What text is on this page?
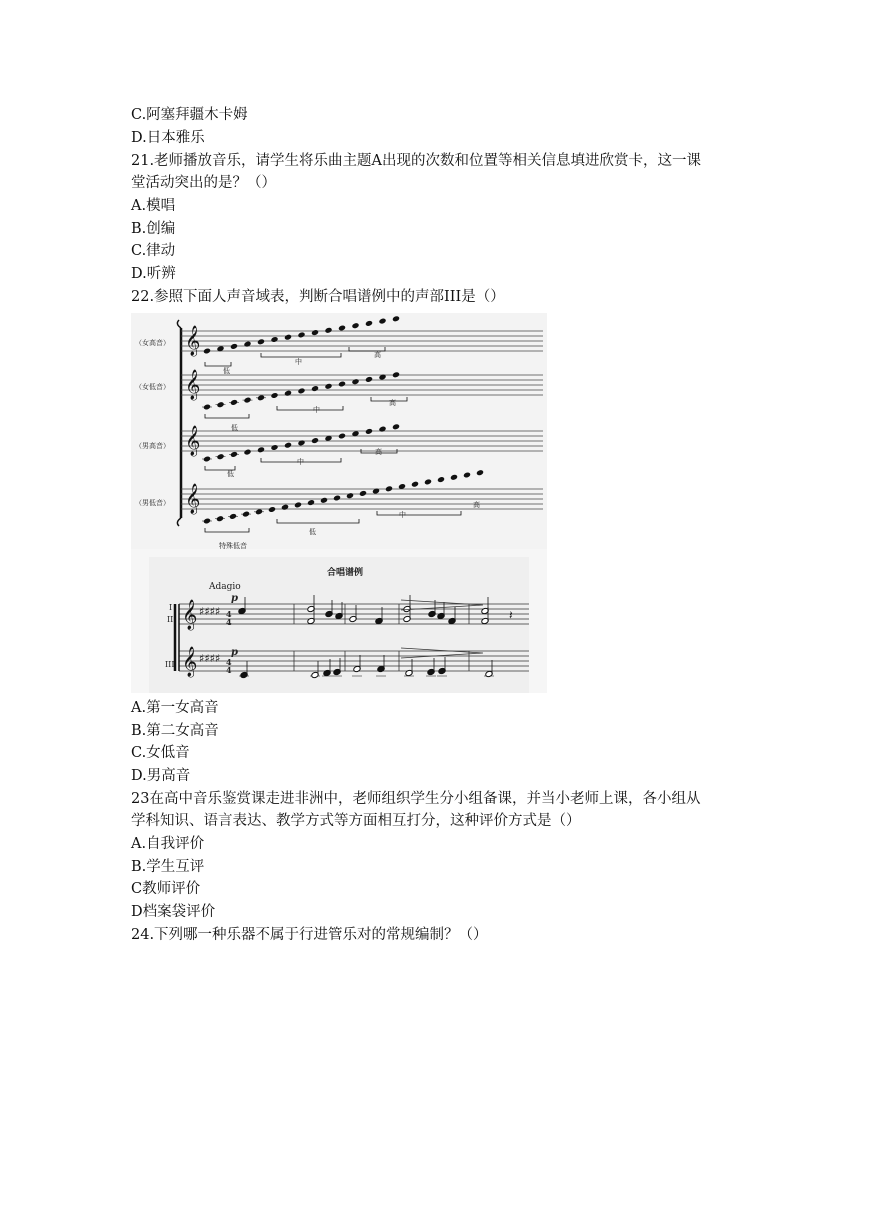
C.阿塞拜疆木卡姆
D.日本雅乐
21.老师播放音乐，请学生将乐曲主题A出现的次数和位置等相关信息填进欣赏卡，这一课
堂活动突出的是？（）
A.模唱
B.创编
C.律动
D.听辨
22.参照下面人声音域表，判断合唱谱例中的声部III是（）
（女高音）
（女低音）
（男高音）
（男低音）
𝄞
𝄞
𝄞
𝄞
低
中
高
低
中
高
低
中
高
低
中
高
特殊低音
合唱谱例
Adagio
p
p
I
II
III
4
4
4
4
𝄞 ♯♯♯♯
𝄞 ♯♯♯♯
𝄽
A.第一女高音
B.第二女高音
C.女低音
D.男高音
23在高中音乐鉴赏课走进非洲中，老师组织学生分小组备课，并当小老师上课，各小组从
学科知识、语言表达、教学方式等方面相互打分，这种评价方式是（）
A.自我评价
B.学生互评
C教师评价
D档案袋评价
24.下列哪一种乐器不属于行进管乐对的常规编制？（）
